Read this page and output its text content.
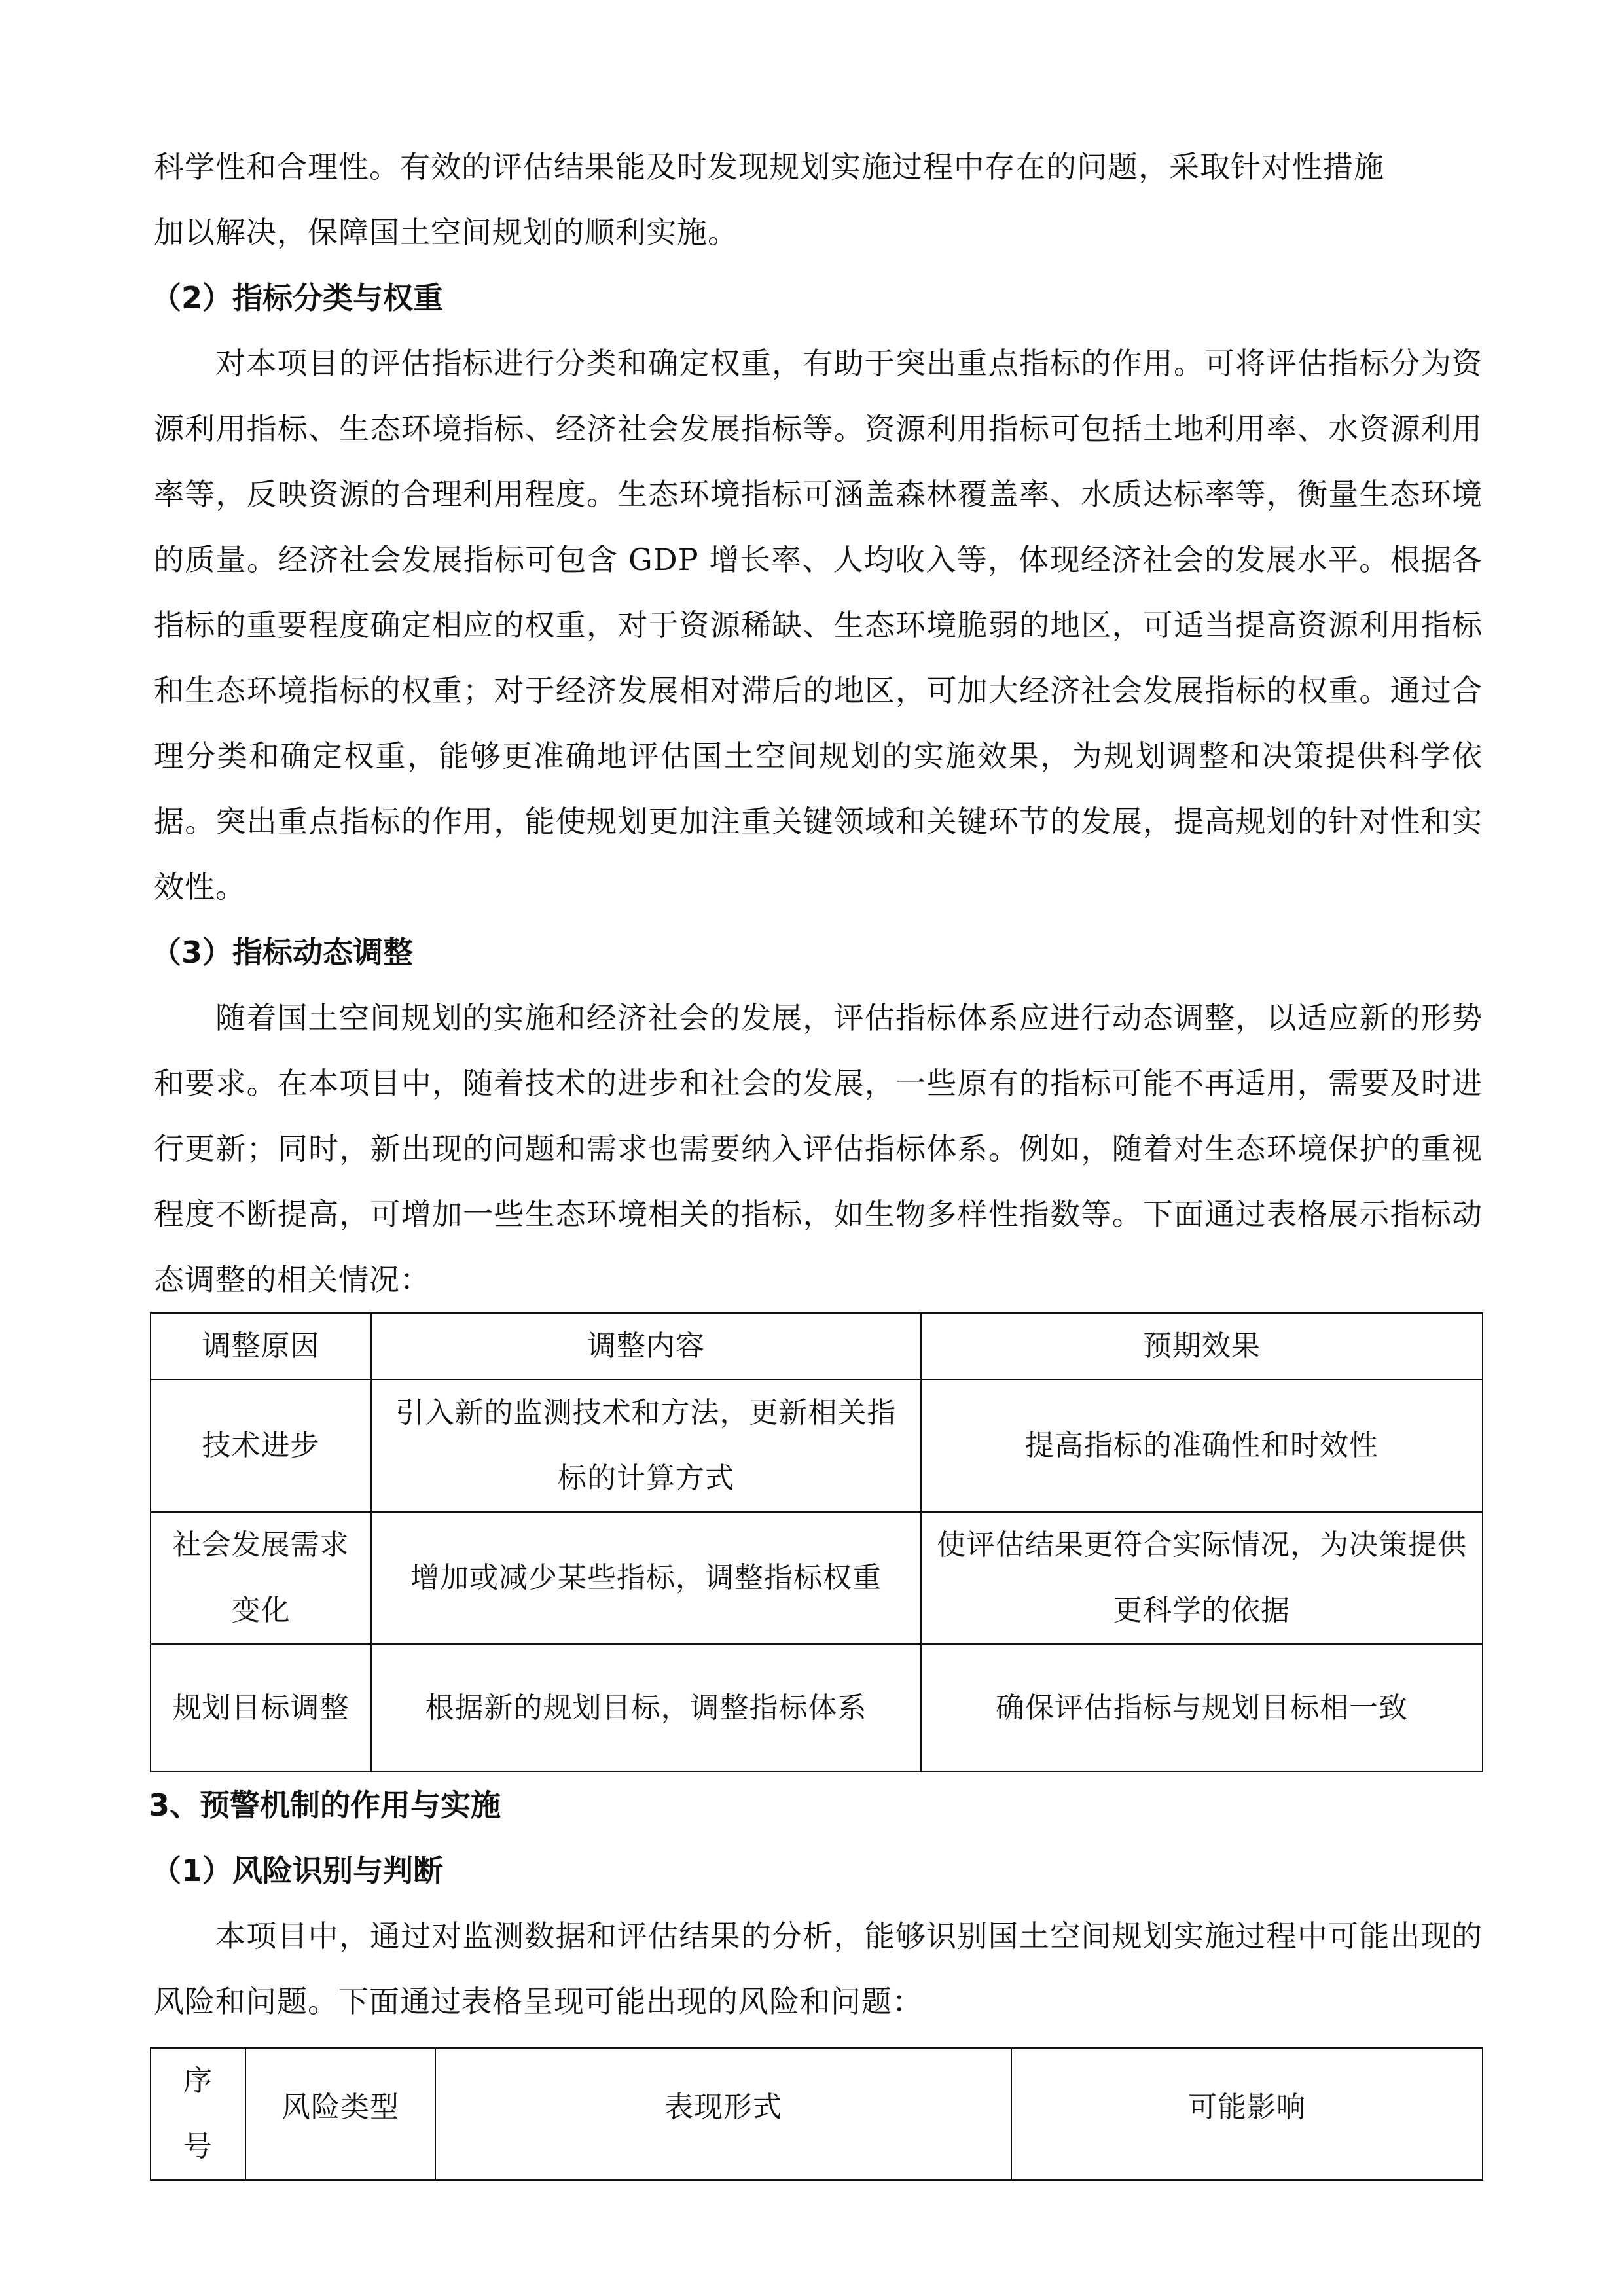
科学性和合理性。有效的评估结果能及时发现规划实施过程中存在的问题，采取针对性措施
加以解决，保障国土空间规划的顺利实施。
（2）指标分类与权重
对本项目的评估指标进行分类和确定权重，有助于突出重点指标的作用。可将评估指标分为资源利用指标、生态环境指标、经济社会发展指标等。资源利用指标可包括土地利用率、水资源利用率等，反映资源的合理利用程度。生态环境指标可涵盖森林覆盖率、水质达标率等，衡量生态环境的质量。经济社会发展指标可包含 GDP 增长率、人均收入等，体现经济社会的发展水平。根据各指标的重要程度确定相应的权重，对于资源稀缺、生态环境脆弱的地区，可适当提高资源利用指标和生态环境指标的权重；对于经济发展相对滞后的地区，可加大经济社会发展指标的权重。通过合理分类和确定权重，能够更准确地评估国土空间规划的实施效果，为规划调整和决策提供科学依据。突出重点指标的作用，能使规划更加注重关键领域和关键环节的发展，提高规划的针对性和实效性。
（3）指标动态调整
随着国土空间规划的实施和经济社会的发展，评估指标体系应进行动态调整，以适应新的形势和要求。在本项目中，随着技术的进步和社会的发展，一些原有的指标可能不再适用，需要及时进行更新；同时，新出现的问题和需求也需要纳入评估指标体系。例如，随着对生态环境保护的重视程度不断提高，可增加一些生态环境相关的指标，如生物多样性指数等。下面通过表格展示指标动态调整的相关情况：
调整原因	调整内容	预期效果
技术进步	引入新的监测技术和方法，更新相关指标的计算方式	提高指标的准确性和时效性
社会发展需求变化	增加或减少某些指标，调整指标权重	使评估结果更符合实际情况，为决策提供更科学的依据
规划目标调整	根据新的规划目标，调整指标体系	确保评估指标与规划目标相一致
3、预警机制的作用与实施
（1）风险识别与判断
本项目中，通过对监测数据和评估结果的分析，能够识别国土空间规划实施过程中可能出现的风险和问题。下面通过表格呈现可能出现的风险和问题：
序号	风险类型	表现形式	可能影响
